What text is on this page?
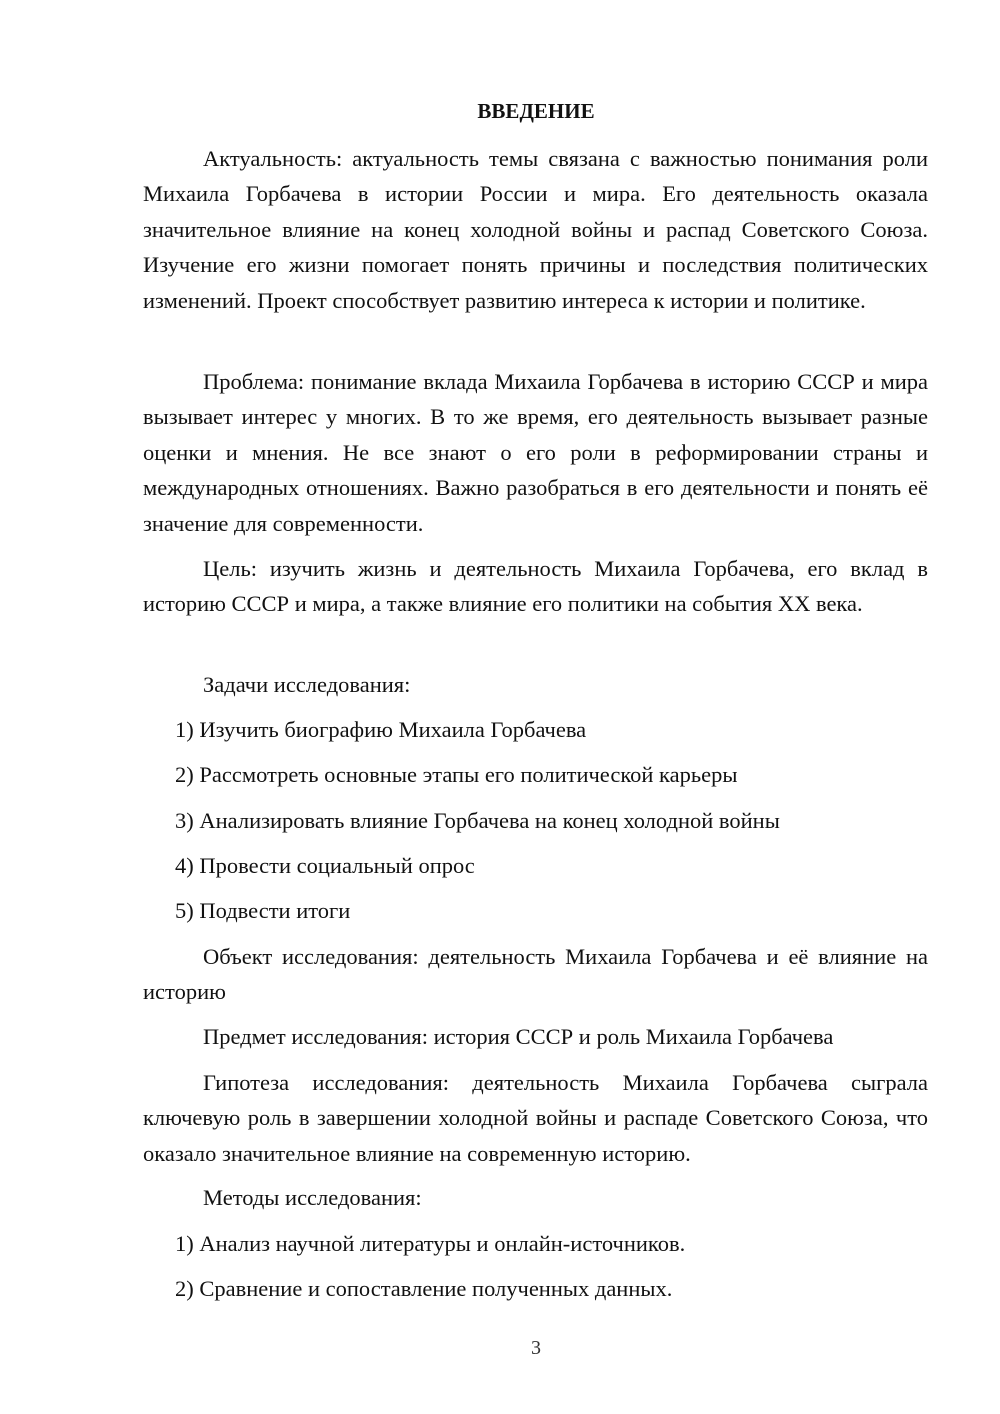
ВВЕДЕНИЕ

Актуальность: актуальность темы связана с важностью понимания роли Михаила Горбачева в истории России и мира. Его деятельность оказала значительное влияние на конец холодной войны и распад Советского Союза. Изучение его жизни помогает понять причины и последствия политических изменений. Проект способствует развитию интереса к истории и политике.

Проблема: понимание вклада Михаила Горбачева в историю СССР и мира вызывает интерес у многих. В то же время, его деятельность вызывает разные оценки и мнения. Не все знают о его роли в реформировании страны и международных отношениях. Важно разобраться в его деятельности и понять её значение для современности.

Цель: изучить жизнь и деятельность Михаила Горбачева, его вклад в историю СССР и мира, а также влияние его политики на события XX века.

Задачи исследования:

1) Изучить биографию Михаила Горбачева

2) Рассмотреть основные этапы его политической карьеры

3) Анализировать влияние Горбачева на конец холодной войны

4) Провести социальный опрос

5) Подвести итоги

Объект исследования: деятельность Михаила Горбачева и её влияние на историю

Предмет исследования: история СССР и роль Михаила Горбачева

Гипотеза исследования: деятельность Михаила Горбачева сыграла ключевую роль в завершении холодной войны и распаде Советского Союза, что оказало значительное влияние на современную историю.

Методы исследования:

1) Анализ научной литературы и онлайн-источников.

2) Сравнение и сопоставление полученных данных.

3
